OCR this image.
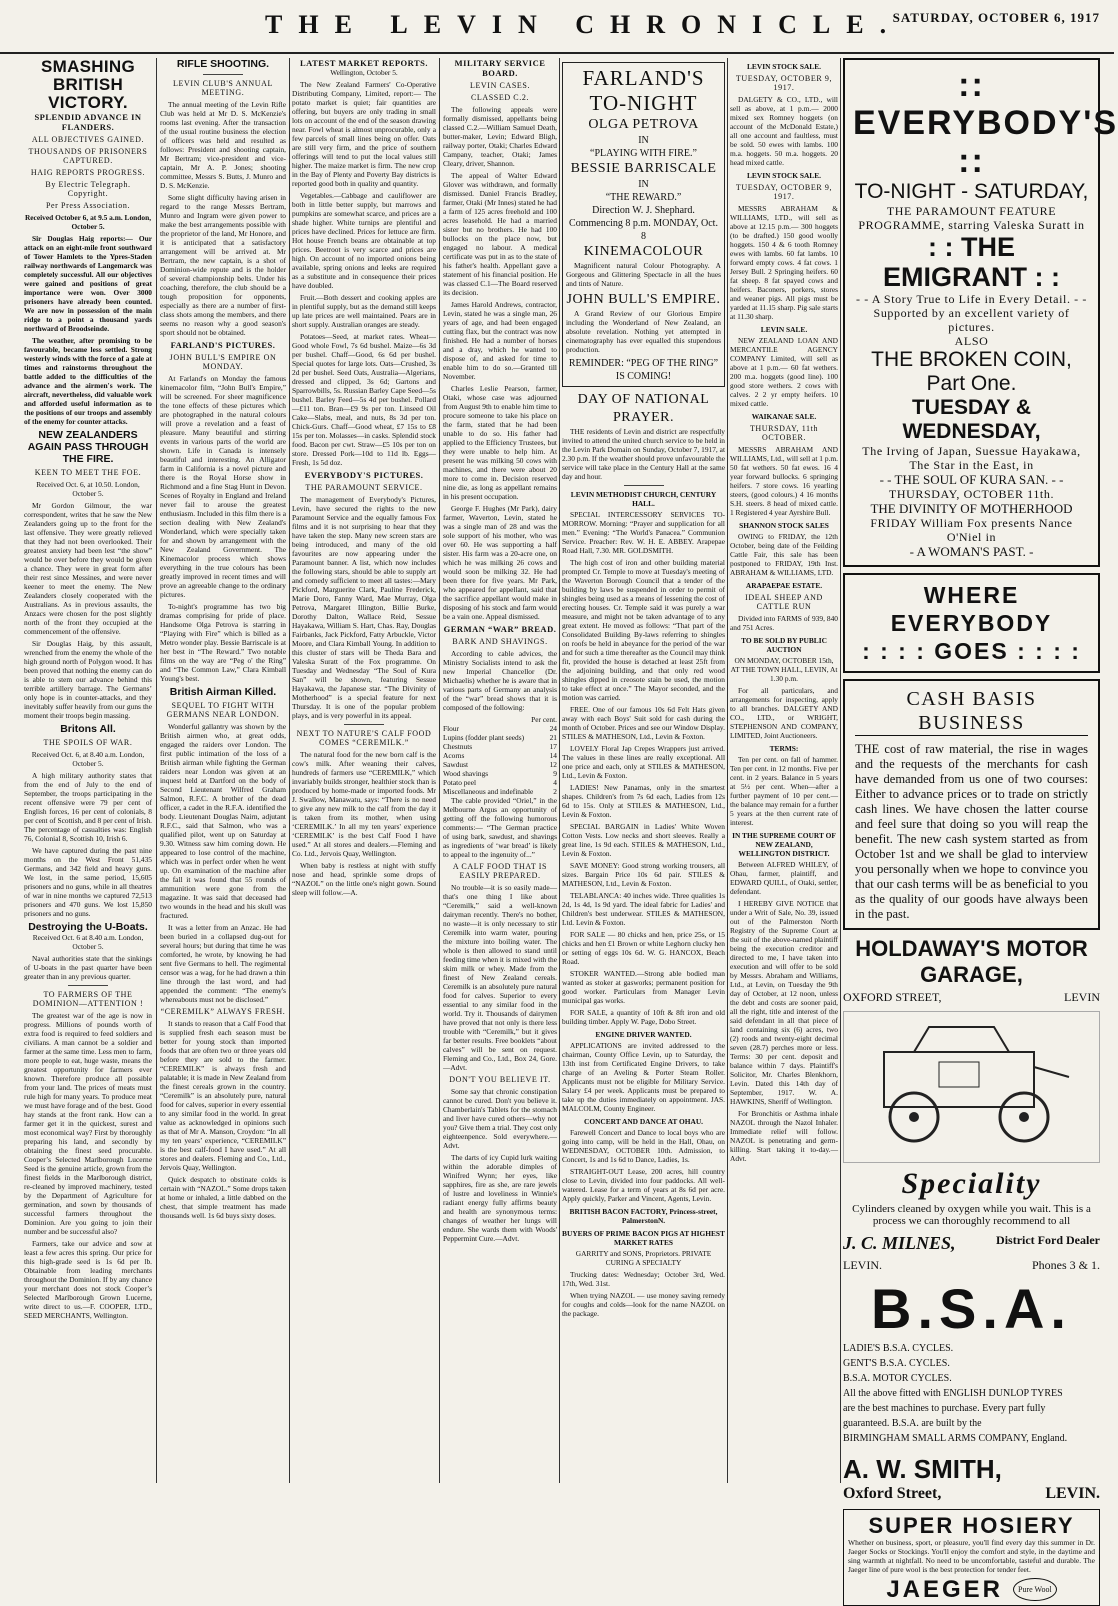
THE LEVIN CHRONICLE.
SATURDAY, OCTOBER 6, 1917
SMASHING BRITISH VICTORY.
SPLENDID ADVANCE IN FLANDERS.
ALL OBJECTIVES GAINED.
THOUSANDS OF PRISONERS CAPTURED.
HAIG REPORTS PROGRESS.
By Electric Telegraph. Copyright.
Per Press Association.

Received October 6, at 9.5 a.m. London, October 5.

Sir Douglas Haig reports:— Our attack on an eight-mile front southward of Tower Hamlets to the Ypres-Staden railway northwards of Langemarck was completely successful. All our objectives were gained and positions of great importance were won. Over 3000 prisoners have already been counted. We are now in possession of the main ridge to a point a thousand yards northward of Broodseinde.

The weather, after promising to be favourable, became less settled. Strong westerly winds with the force of a gale at times and rainstorms throughout the battle added to the difficulties of the advance and the airmen's work. The aircraft, nevertheless, did valuable work and afforded useful information as to the positions of our troops and assembly of the enemy for counter attacks.

NEW ZEALANDERS AGAIN PASS THROUGH THE FIRE.
KEEN TO MEET THE FOE.

Received Oct. 6, at 10.50. London, October 5.

Mr Gordon Gilmour, the war correspondent, writes that he saw the New Zealanders going up to the front for the last offensive. They were greatly relieved that they had not been overlooked. Their greatest anxiety had been lest “the show” would be over before they would be given a chance. They were in great form after their rest since Messines, and were never keener to meet the enemy. The New Zealanders closely cooperated with the Australians. As in previous assaults, the Anzacs were chosen for the post slightly north of the front they occupied at the commencement of the offensive.

Sir Douglas Haig, by this assault, wrenched from the enemy the whole of the high ground north of Polygon wood. It has been proved that nothing the enemy can do is able to stem our advance behind this terrible artillery barrage. The Germans’ only hope is in counter-attacks, and they inevitably suffer heavily from our guns the moment their troops begin massing.

Britons All.
THE SPOILS OF WAR.

Received Oct. 6, at 8.40 a.m. London, October 5.

A high military authority states that from the end of July to the end of September, the troops participating in the recent offensive were 79 per cent of English forces, 16 per cent of colonials, 8 per cent of Scottish, and 8 per cent of Irish. The percentage of casualties was: English 76, Colonial 8, Scottish 10, Irish 6.

We have captured during the past nine months on the West Front 51,435 Germans, and 342 field and heavy guns. We lost, in the same period, 15,605 prisoners and no guns, while in all theatres of war in nine months we captured 72,513 prisoners and 470 guns. We lost 15,850 prisoners and no guns.

Destroying the U-Boats.

Received Oct. 6 at 8.40 a.m. London, October 5.

Naval authorities state that the sinkings of U-boats in the past quarter have been greater than in any previous quarter.

TO FARMERS OF THE DOMINION—ATTENTION !

The greatest war of the age is now in progress. Millions of pounds worth of extra food is required to feed soldiers and civilians. A man cannot be a soldier and farmer at the same time. Less men to farm, more people to eat, huge waste, means the greatest opportunity for farmers ever known. Therefore produce all possible from your land. The prices of meats must rule high for many years. To produce meat we must have forage and of the best. Good hay stands at the front rank. How can a farmer get it in the quickest, surest and most economical way? First by thoroughly preparing his land, and secondly by obtaining the finest seed procurable. Cooper’s Selected Marlborough Lucerne Seed is the genuine article, grown from the finest fields in the Marlborough district, re-cleaned by improved machinery, tested by the Department of Agriculture for germination, and sown by thousands of successful farmers throughout the Dominion. Are you going to join their number and be successful also?

Farmers, take our advice and sow at least a few acres this spring. Our price for this high-grade seed is 1s 6d per lb. Obtainable from leading merchants throughout the Dominion. If by any chance your merchant does not stock Cooper’s Selected Marlborough Grown Lucerne, write direct to us.—F. COOPER, LTD., SEED MERCHANTS, Wellington.

RIFLE SHOOTING.
LEVIN CLUB'S ANNUAL MEETING.

The annual meeting of the Levin Rifle Club was held at Mr D. S. McKenzie's rooms last evening. After the transaction of the usual routine business the election of officers was held and resulted as follows: President and shooting captain, Mr Bertram; vice-president and vice-captain, Mr A. P. Jones; shooting committee, Messrs S. Butts, J. Munro and D. S. McKenzie.

Some slight difficulty having arisen in regard to the range Messrs Bertram, Munro and Ingram were given power to make the best arrangements possible with the proprietor of the land, Mr Honore, and it is anticipated that a satisfactory arrangement will be arrived at. Mr Bertram, the new captain, is a shot of Dominion-wide repute and is the holder of several championship belts. Under his coaching, therefore, the club should be a tough proposition for opponents, especially as there are a number of first-class shots among the members, and there seems no reason why a good season's sport should not be obtained.

FARLAND'S PICTURES.
JOHN BULL'S EMPIRE ON MONDAY.

At Farland's on Monday the famous kinemacolor film, “John Bull's Empire,” will be screened. For sheer magnificence the tone effects of these pictures which are photographed in the natural colours will prove a revelation and a feast of pleasure. Many beautiful and stirring events in various parts of the world are shown. Life in Canada is intensely beautiful and interesting. An Alligator farm in California is a novel picture and there is the Royal Horse show in Richmond and a fine Stag Hunt in Devon. Scenes of Royalty in England and Ireland never fail to arouse the greatest enthusiasm. Included in this film there is a section dealing with New Zealand's Wonderland, which were specially taken for and shown by arrangement with the New Zealand Government. The Kinemacolor process which shows everything in the true colours has been greatly improved in recent times and will prove an agreeable change to the ordinary pictures.

To-night's programme has two big dramas comprising for pride of place. Handsome Olga Petrova is starring in “Playing with Fire” which is billed as a Metro wonder play. Bessie Barriscale is at her best in “The Reward.” Two notable films on the way are “Peg o' the Ring” and “The Common Law,” Clara Kimball Young's best.

British Airman Killed.
SEQUEL TO FIGHT WITH GERMANS NEAR LONDON.

Wonderful gallantry was shown by the British airmen who, at great odds, engaged the raiders over London. The first public intimation of the loss of a British airman while fighting the German raiders near London was given at an inquest held at Dartford on the body of Second Lieutenant Wilfred Graham Salmon, R.F.C. A brother of the dead officer, a cadet in the R.F.A. identified the body. Lieutenant Douglas Nairn, adjutant R.F.C., said that Salmon, who was a qualified pilot, went up on Saturday at 9.30. Witness saw him coming down. He appeared to lose control of the machine, which was in perfect order when he went up. On examination of the machine after the fall it was found that 55 rounds of ammunition were gone from the magazine. It was said that deceased had two wounds in the head and his skull was fractured.

It was a letter from an Anzac. He had been buried in a collapsed dug-out for several hours; but during that time he was comforted, he wrote, by knowing he had sent five Germans to hell. The regimental censor was a wag, for he had drawn a thin line through the last word, and had appended the comment: “The enemy's whereabouts must not be disclosed.”

“CEREMILK” ALWAYS FRESH.

It stands to reason that a Calf Food that is supplied fresh each season must be better for young stock than imported foods that are often two or three years old before they are sold to the farmer. “CEREMILK” is always fresh and palatable; it is made in New Zealand from the finest cereals grown in the country. “Ceremilk” is an absolutely pure, natural food for calves, superior in every essential to any similar food in the world. In great value as acknowledged in opinions such as that of Mr A. Manson, Croydon: “In all my ten years’ experience, “CEREMILK” is the best calf-food I have used.” At all stores and dealers. Fleming and Co., Ltd., Jervois Quay, Wellington.

Quick despatch to obstinate colds is certain with “NAZOL.” Some drops taken at home or inhaled, a little dabbed on the chest, that simple treatment has made thousands well. 1s 6d buys sixty doses.

LATEST MARKET REPORTS.

Wellington, October 5.

The New Zealand Farmers' Co-Operative Distributing Company, Limited, report:— The potato market is quiet; fair quantities are offering, but buyers are only trading in small lots on account of the end of the season drawing near. Fowl wheat is almost unprocurable, only a few parcels of small lines being on offer. Oats are still very firm, and the price of southern offerings will tend to put the local values still higher. The maize market is firm. The new crop in the Bay of Plenty and Poverty Bay districts is reported good both in quality and quantity.

Vegetables.—Cabbage and cauliflower are both in little better supply, but marrows and pumpkins are somewhat scarce, and prices are a shade higher. White turnips are plentiful and prices have declined. Prices for lettuce are firm. Hot house French beans are obtainable at top prices. Beetroot is very scarce and prices are high. On account of no imported onions being available, spring onions and leeks are required as a substitute and in consequence their prices have doubled.

Fruit.—Both dessert and cooking apples are in plentiful supply, but as the demand still keeps up late prices are well maintained. Pears are in short supply. Australian oranges are steady.

Potatoes—Seed, at market rates. Wheat—Good whole Fowl, 7s 6d bushel. Maize—6s 3d per bushel. Chaff—Good, 6s 6d per bushel. Special quotes for large lots. Oats—Crushed, 3s 2d per bushel. Seed Oats, Australia—Algerians, dressed and clipped, 3s 6d; Gartons and Sparrowbills, 5s. Russian Barley Cape Seed—5s bushel. Barley Feed—5s 4d per bushel. Pollard—£11 ton. Bran—£9 9s per ton. Linseed Oil Cake—Slabs, meal, and nuts, 8s 3d per ton. Chick-Gurs. Chaff—Good wheat, £7 15s to £8 15s per ton. Molasses—in casks. Splendid stock food. Bacon per cwt. Straw—£5 10s per ton on store. Dressed Pork—10d to 11d lb. Eggs—Fresh, 1s 5d doz.

EVERYBODY'S PICTURES.
THE PARAMOUNT SERVICE.

The management of Everybody's Pictures, Levin, have secured the rights to the new Paramount Service and the equally famous Fox films and it is not surprising to hear that they have taken the step. Many new screen stars are being introduced, and many of the old favourites are now appearing under the Paramount banner. A list, which now includes the following stars, should be able to supply art and comedy sufficient to meet all tastes:—Mary Pickford, Marguerite Clark, Pauline Frederick, Marie Doro, Fanny Ward, Mae Murray, Olga Petrova, Margaret Illington, Billie Burke, Dorothy Dalton, Wallace Reid, Sessue Hayakawa, William S. Hart, Chas. Ray, Douglas Fairbanks, Jack Pickford, Fatty Arbuckle, Victor Moore, and Clara Kimball Young. In addition to this cluster of stars will be Theda Bara and Valeska Suratt of the Fox programme. On Tuesday and Wednesday “The Soul of Kura San” will be shown, featuring Sessue Hayakawa, the Japanese star. “The Divinity of Motherhood” is a special feature for next Thursday. It is one of the popular problem plays, and is very powerful in its appeal.

NEXT TO NATURE'S CALF FOOD COMES “CEREMILK.”

The natural food for the new born calf is the cow's milk. After weaning their calves, hundreds of farmers use “CEREMILK,” which invariably builds stronger, healthier stock than is produced by home-made or imported foods. Mr J. Swallow, Manawatu, says: “There is no need to give any new milk to the calf from the day it is taken from its mother, when using ‘CEREMILK.’ In all my ten years' experience ‘CEREMILK’ is the best Calf Food I have used.” At all stores and dealers.—Fleming and Co. Ltd., Jervois Quay, Wellington.

When baby is restless at night with stuffy nose and head, sprinkle some drops of “NAZOL” on the little one's night gown. Sound sleep will follow.—A.

MILITARY SERVICE BOARD.
LEVIN CASES.
CLASSED C.2.

The following appeals were formally dismissed, appellants being classed C.2.—William Samuel Death, butter-maker, Levin; Edward Bligh, railway porter, Otaki; Charles Edward Campany, teacher, Otaki; James Cleary, driver, Shannon.

The appeal of Walter Edward Glover was withdrawn, and formally dismissed. Daniel Francis Bradley, farmer, Otaki (Mr Innes) stated he had a farm of 125 acres freehold and 100 acres leasehold. He had a married sister but no brothers. He had 100 bullocks on the place now, but engaged no labour. A medical certificate was put in as to the state of his father's health. Appellant gave a statement of his financial position. He was classed C.1—The Board reserved its decision.

James Harold Andrews, contractor, Levin, stated he was a single man, 26 years of age, and had been engaged cutting flax, but the contract was now finished. He had a number of horses and a dray, which he wanted to dispose of, and asked for time to enable him to do so.—Granted till November.

Charles Leslie Pearson, farmer, Otaki, whose case was adjourned from August 9th to enable him time to procure someone to take his place on the farm, stated that he had been unable to do so. His father had applied to the Efficiency Trustees, but they were unable to help him. At present he was milking 50 cows with machines, and there were about 20 more to come in. Decision reserved nine die, as long as appellant remains in his present occupation.

George F. Hughes (Mr Park), dairy farmer, Waverton, Levin, stated he was a single man of 28 and was the sole support of his mother, who was over 60. He was supporting a half sister. His farm was a 20-acre one, on which he was milking 26 cows and would soon be milking 32. He had been there for five years. Mr Park, who appeared for appellant, said that the sacrifice appellant would make in disposing of his stock and farm would be a vain one. Appeal dismissed.

GERMAN “WAR” BREAD.
BARK AND SHAVINGS.

According to cable advices, the Ministry Socialists intend to ask the new Imperial Chancellor (Dr. Michaelis) whether he is aware that in various parts of Germany an analysis of the “war” bread shows that it is composed of the following:

Per cent.
Flour	24
Lupins (fodder plant seeds)	21
Chestnuts	17
Acorns	14
Sawdust	12
Wood shavings	9
Potato peel	4
Miscellaneous and indefinable	2

The cable provided “Oriel,” in the Melbourne Argus an opportunity of getting off the following humorous comments:— “The German practice of using bark, sawdust, and shavings as ingredients of ‘war bread’ is likely to appeal to the ingenuity of...”

A CALF FOOD THAT IS EASILY PREPARED.

No trouble—it is so easily made—that's one thing I like about “Ceremilk,” said a well-known dairyman recently. There's no bother, no waste—it is only necessary to stir Ceremilk into warm water, pouring the mixture into boiling water. The whole is then allowed to stand until feeding time when it is mixed with the skim milk or whey. Made from the finest of New Zealand cereals. Ceremilk is an absolutely pure natural food for calves. Superior to every essential to any similar food in the world. Try it. Thousands of dairymen have proved that not only is there less trouble with “Ceremilk,” but it gives far better results. Free booklets “about calves” will be sent on request. Fleming and Co., Ltd., Box 24, Gore.—Advt.

DON'T YOU BELIEVE IT.

Some say that chronic constipation cannot be cured. Don't you believe it. Chamberlain's Tablets for the stomach and liver have cured others—why not you? Give them a trial. They cost only eighteenpence. Sold everywhere.—Advt.

The darts of icy Cupid lurk waiting within the adorable dimples of Winifred Wynn; her eyes, like sapphires, fire as she, are rare jewels of lustre and loveliness in Winnie's radiant energy fully affirms beauty and health are synonymous terms: changes of weather her lungs will endure. She wards them with Woods' Peppermint Cure.—Advt.

FARLAND'S
TO-NIGHT
OLGA PETROVA
IN
“PLAYING WITH FIRE.”
BESSIE BARRISCALE
IN
“THE REWARD.”
Direction W. J. Shephard.
Commencing 8 p.m. MONDAY, Oct. 8
KINEMACOLOUR

Magnificent natural Colour Photography. A Gorgeous and Glittering Spectacle in all the hues and tints of Nature.

JOHN BULL'S EMPIRE.

A Grand Review of our Glorious Empire including the Wonderland of New Zealand, an absolute revelation. Nothing yet attempted in cinematography has ever equalled this stupendous production.

REMINDER: “PEG OF THE RING” IS COMING!
DAY OF NATIONAL PRAYER.

THE residents of Levin and district are respectfully invited to attend the united church service to be held in the Levin Park Domain on Sunday, October 7, 1917, at 2.30 p.m. If the weather should prove unfavourable the service will take place in the Century Hall at the same day and hour.

LEVIN METHODIST CHURCH, CENTURY HALL.

SPECIAL INTERCESSORY SERVICES TO-MORROW. Morning: “Prayer and supplication for all men.” Evening: “The World's Panacea.” Communion Service. Preacher: Rev. W. H. E. ABBEY. Arapepae Road Hall, 7.30. MR. GOLDSMITH.

The high cost of iron and other building material prompted Cr. Temple to move at Tuesday's meeting of the Waverton Borough Council that a tender of the building by laws be suspended in order to permit of shingles being used as a means of lessening the cost of erecting houses. Cr. Temple said it was purely a war measure, and might not be taken advantage of to any great extent. He moved as follows: “That part of the Consolidated Building By-laws referring to shingles on roofs be held in abeyance for the period of the war and for such a time thereafter as the Council may think fit, provided the house is detached at least 25ft from the adjoining building, and that only red wood shingles dipped in creosote stain be used, the motion to take effect at once.” The Mayor seconded, and the motion was carried.

FREE. One of our famous 10s 6d Felt Hats given away with each Boys' Suit sold for cash during the month of October. Prices and see our Window Display. STILES & MATHESON, Ltd., Levin & Foxton.

LOVELY Floral Jap Crepes Wrappers just arrived. The values in these lines are really exceptional. All one price and each, only at STILES & MATHESON, Ltd., Levin & Foxton.

LADIES! New Panamas, only in the smartest shapes. Children's from 7s 6d each, Ladies from 12s 6d to 15s. Only at STILES & MATHESON, Ltd., Levin & Foxton.

SPECIAL BARGAIN in Ladies' White Woven Cotton Vests. Low necks and short sleeves. Really a great line, 1s 9d each. STILES & MATHESON, Ltd., Levin & Foxton.

SAVE MONEY: Good strong working trousers, all sizes. Bargain Price 10s 6d pair. STILES & MATHESON, Ltd., Levin & Foxton.

TELABLANCA: 40 inches wide. Three qualities 1s 2d, 1s 4d, 1s 9d yard. The ideal fabric for Ladies' and Children's best underwear. STILES & MATHESON, Ltd. Levin & Foxton.

FOR SALE — 80 chicks and hen, price 25s, or 15 chicks and hen £1 Brown or white Leghorn clucky hen or setting of eggs 10s 6d. W. G. HANCOX, Beach Road.

STOKER WANTED.—Strong able bodied man wanted as stoker at gasworks; permanent position for good worker. Particulars from Manager Levin municipal gas works.

FOR SALE, a quantity of 10ft & 8ft iron and old building timber. Apply W. Page, Dobo Street.

ENGINE DRIVER WANTED.

APPLICATIONS are invited addressed to the chairman, County Office Levin, up to Saturday, the 13th inst from Certificated Engine Drivers, to take charge of an Aveling & Porter Steam Roller. Applicants must not be eligible for Military Service. Salary £4 per week. Applicants must be prepared to take up the duties immediately on appointment. JAS. MALCOLM, County Engineer.

CONCERT AND DANCE AT OHAU.

Farewell Concert and Dance to local boys who are going into camp, will be held in the Hall, Ohau, on WEDNESDAY, OCTOBER 10th. Admission, to Concert, 1s and 1s 6d to Dance, Ladies, 1s.

STRAIGHT-OUT Lease, 200 acres, hill country close to Levin, divided into four paddocks. All well-watered. Lease for a term of years at 8s 6d per acre. Apply quickly, Parker and Vincent, Agents, Levin.

BRITISH BACON FACTORY, Princess-street, PalmerstonN.
BUYERS OF PRIME BACON PIGS AT HIGHEST MARKET RATES

GARRITY and SONS, Proprietors. PRIVATE CURING A SPECIALTY

Trucking dates: Wednesday; October 3rd, Wed. 17th, Wed. 31st.

When trying NAZOL — use money saving remedy for coughs and colds—look for the name NAZOL on the package.

LEVIN STOCK SALE.
TUESDAY, OCTOBER 9, 1917.

DALGETY & CO., LTD., will sell as above, at 1 p.m.— 2000 mixed sex Romney hoggets (on account of the McDonald Estate,) all one account and faultless, must be sold. 50 ewes with lambs. 100 m.a. hoggets. 50 m.a. hoggets. 20 head mixed cattle.

LEVIN STOCK SALE.
TUESDAY, OCTOBER 9, 1917.

MESSRS ABRAHAM & WILLIAMS, LTD., will sell as above at 12.15 p.m.— 300 hoggets (to be drafted.) 150 good woolly hoggets. 150 4 & 6 tooth Romney ewes with lambs. 60 fat lambs. 10 forward empty cows. 4 fat cows. 1 Jersey Bull. 2 Springing heifers. 60 fat sheep. 8 fat spayed cows and heifers. Baconers, porkers, stores and weaner pigs. All pigs must be yarded at 11.15 sharp. Pig sale starts at 11.30 sharp.

LEVIN SALE.

NEW ZEALAND LOAN AND MERCANTILE AGENCY COMPANY Limited, will sell as above at 1 p.m.— 60 fat wethers. 200 m.a. hoggets (good line). 100 good store wethers. 2 cows with calves. 2 2 yr empty heifers. 10 mixed cattle.

WAIKANAE SALE.
THURSDAY, 11th OCTOBER.

MESSRS ABRAHAM AND WILLIAMS, Ltd., will sell at 1 p.m. 50 fat wethers. 50 fat ewes. 16 4 year forward bullocks. 6 springing heifers. 7 store cows. 16 yearling steers, (good colours.) 4 16 months S.H. steers. 8 head of mixed cattle. 1 Registered 4 year Ayrshire Bull.

SHANNON STOCK SALES

OWING to FRIDAY, the 12th October, being date of the Feilding Cattle Fair, this sale has been postponed to FRIDAY, 19th Inst. ABRAHAM & WILLIAMS, LTD.

ARAPAEPAE ESTATE.
IDEAL SHEEP AND CATTLE RUN

Divided into FARMS of 939, 840 and 751 Acres.

TO BE SOLD BY PUBLIC AUCTION

ON MONDAY, OCTOBER 15th, AT THE TOWN HALL, LEVIN, At 1.30 p.m.

For all particulars, and arrangements for inspecting, apply to all branches. DALGETY AND CO., LTD., or WRIGHT, STEPHENSON AND COMPANY, LIMITED, Joint Auctioneers.

TERMS:

Ten per cent. on fall of hammer. Ten per cent. in 12 months. Five per cent. in 2 years. Balance in 5 years at 5½ per cent. When—after a further payment of 10 per cent.—the balance may remain for a further 5 years at the then current rate of interest.

IN THE SUPREME COURT OF NEW ZEALAND, WELLINGTON DISTRICT.

Between ALFRED WHILEY, of Ohau, farmer, plaintiff, and EDWARD QUILL, of Otaki, settler, defendant.

I HEREBY GIVE NOTICE that under a Writ of Sale, No. 39, issued out of the Palmerston North Registry of the Supreme Court at the suit of the above-named plaintiff being the execution creditor and directed to me, I have taken into execution and will offer to be sold by Messrs. Abraham and Williams, Ltd., at Levin, on Tuesday the 9th day of October, at 12 noon, unless the debt and costs are sooner paid, all the right, title and interest of the said defendant in all that piece of land containing six (6) acres, two (2) roods and twenty-eight decimal seven (28.7) perches more or less. Terms: 30 per cent. deposit and balance within 7 days. Plaintiff's Solicitor, Mr. Charles Blenkhorn, Levin. Dated this 14th day of September, 1917. W. A. HAWKINS, Sheriff of Wellington.

For Bronchitis or Asthma inhale NAZOL through the Nazol Inhaler. Immediate relief will follow. NAZOL is penetrating and germ-killing. Start taking it to-day.—Advt.

:: EVERYBODY'S ::
TO-NIGHT - SATURDAY,
THE PARAMOUNT FEATURE PROGRAMME, starring Valeska Suratt in
: : THE EMIGRANT : :
- - A Story True to Life in Every Detail. - -
Supported by an excellent variety of pictures.
ALSO
THE BROKEN COIN, Part One.
TUESDAY & WEDNESDAY,
The Irving of Japan, Suessue Hayakawa, The Star in the East, in
- - THE SOUL OF KURA SAN. - -
THURSDAY, OCTOBER 11th.
THE DIVINITY OF MOTHERHOOD
FRIDAY William Fox presents Nance O'Niel in
- A WOMAN'S PAST. -
WHERE EVERYBODY
: : : : GOES : : : :
CASH BASIS BUSINESS
THE cost of raw material, the rise in wages and the requests of the merchants for cash have demanded from us one of two courses: Either to advance prices or to trade on strictly cash lines. We have chosen the latter course and feel sure that doing so you will reap the benefit. The new cash system started as from October 1st and we shall be glad to interview you personally when we hope to convince you that our cash terms will be as beneficial to you as the quality of our goods have always been in the past.
HOLDAWAY'S MOTOR GARAGE,
OXFORD STREET,	LEVIN
Speciality
Cylinders cleaned by oxygen while you wait. This is a process we can thoroughly recommend to all
J. C. MILNES,	District Ford Dealer
LEVIN.	Phones 3 & 1.
B.S.A.
LADIE'S B.S.A. CYCLES.
GENT'S B.S.A. CYCLES.
B.S.A. MOTOR CYCLES.
All the above fitted with ENGLISH DUNLOP TYRES
are the best machines to purchase. Every part fully
guaranteed. B.S.A. are built by the
BIRMINGHAM SMALL ARMS COMPANY, England.
A. W. SMITH,
Oxford Street,	LEVIN.
SUPER HOSIERY
Whether on business, sport, or pleasure, you'll find every day this summer in Dr. Jaeger Socks or Stockings. You'll enjoy the comfort and style, in the daytime and sing warmth at nightfall. No need to be uncomfortable, tasteful and durable. The Jaeger line of pure wool is the best protection for tender feet.
JAEGER	Pure Wool
